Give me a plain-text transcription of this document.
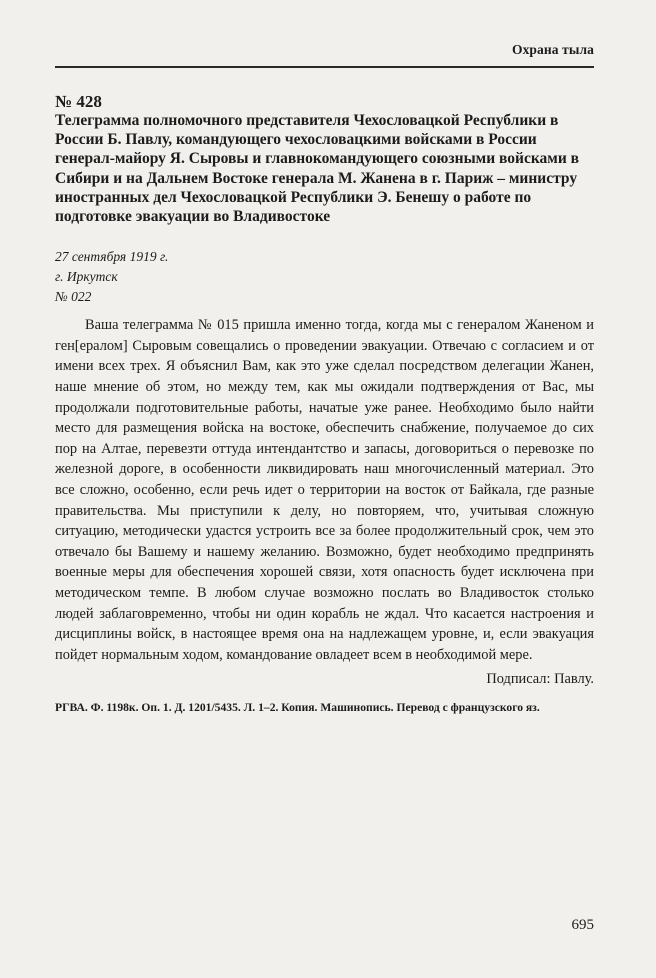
Охрана тыла
№ 428
Телеграмма полномочного представителя Чехословацкой Республики в России Б. Павлу, командующего чехословацкими войсками в России генерал-майору Я. Сыровы и главнокомандующего союзными войсками в Сибири и на Дальнем Востоке генерала М. Жанена в г. Париж – министру иностранных дел Чехословацкой Республики Э. Бенешу о работе по подготовке эвакуации во Владивостоке
27 сентября 1919 г.
г. Иркутск
№ 022

Ваша телеграмма № 015 пришла именно тогда, когда мы с генералом Жаненом и ген[ералом] Сыровым совещались о проведении эвакуации. Отвечаю с согласием и от имени всех трех. Я объяснил Вам, как это уже сделал посредством делегации Жанен, наше мнение об этом, но между тем, как мы ожидали подтверждения от Вас, мы продолжали подготовительные работы, начатые уже ранее. Необходимо было найти место для размещения войска на востоке, обеспечить снабжение, получаемое до сих пор на Алтае, перевезти оттуда интендантство и запасы, договориться о перевозке по железной дороге, в особенности ликвидировать наш многочисленный материал. Это все сложно, особенно, если речь идет о территории на восток от Байкала, где разные правительства. Мы приступили к делу, но повторяем, что, учитывая сложную ситуацию, методически удастся устроить все за более продолжительный срок, чем это отвечало бы Вашему и нашему желанию. Возможно, будет необходимо предпринять военные меры для обеспечения хорошей связи, хотя опасность будет исключена при методическом темпе. В любом случае возможно послать во Владивосток столько людей заблаговременно, чтобы ни один корабль не ждал. Что касается настроения и дисциплины войск, в настоящее время она на надлежащем уровне, и, если эвакуация пойдет нормальным ходом, командование овладеет всем в необходимой мере.

Подписал: Павлу.
РГВА. Ф. 1198к. Оп. 1. Д. 1201/5435. Л. 1–2. Копия. Машинопись. Перевод с французского яз.
695
